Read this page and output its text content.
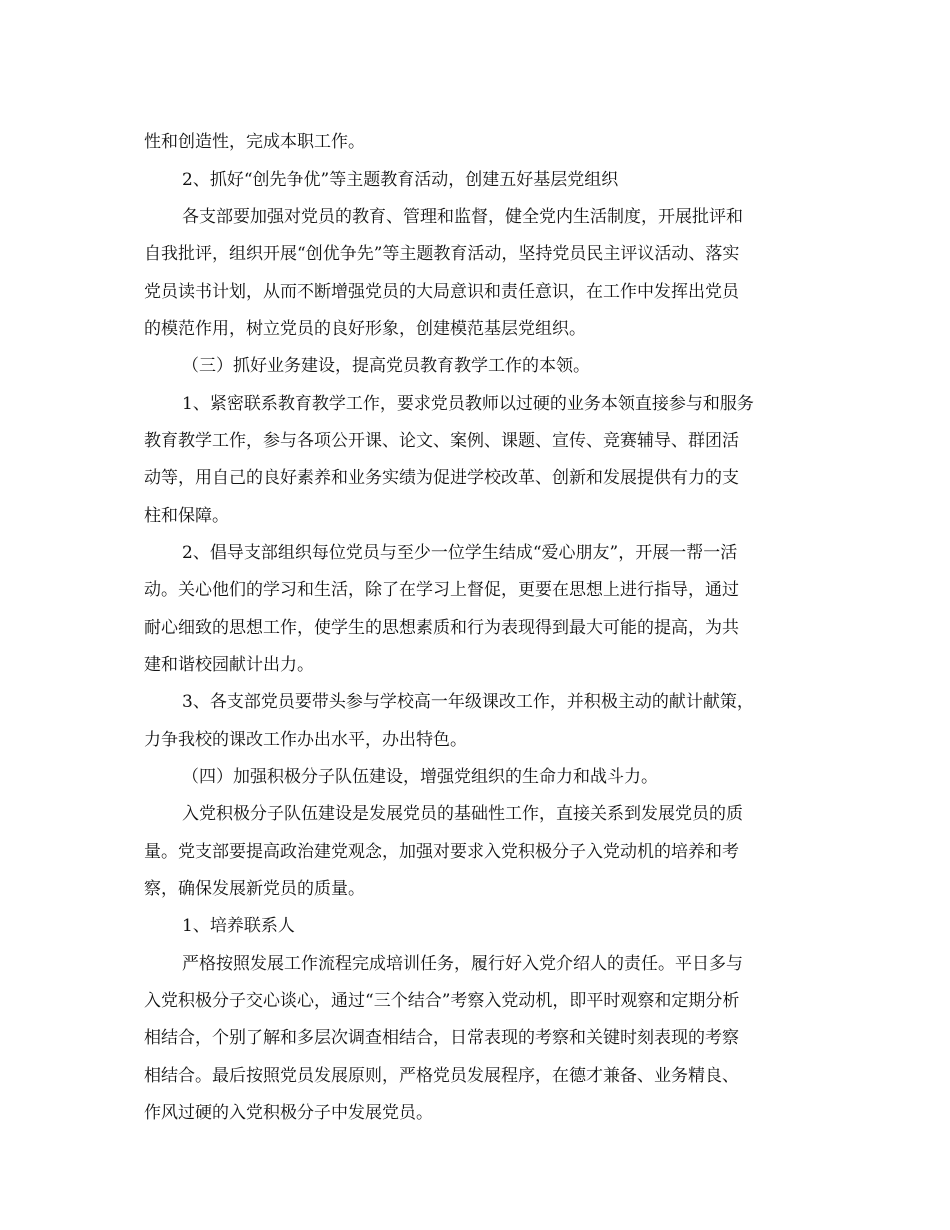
性和创造性，完成本职工作。
2、抓好“创先争优”等主题教育活动，创建五好基层党组织
各支部要加强对党员的教育、管理和监督，健全党内生活制度，开展批评和
自我批评，组织开展“创优争先”等主题教育活动，坚持党员民主评议活动、落实
党员读书计划，从而不断增强党员的大局意识和责任意识，在工作中发挥出党员
的模范作用，树立党员的良好形象，创建模范基层党组织。
（三）抓好业务建设，提高党员教育教学工作的本领。
1、紧密联系教育教学工作，要求党员教师以过硬的业务本领直接参与和服务
教育教学工作，参与各项公开课、论文、案例、课题、宣传、竞赛辅导、群团活
动等，用自己的良好素养和业务实绩为促进学校改革、创新和发展提供有力的支
柱和保障。
2、倡导支部组织每位党员与至少一位学生结成“爱心朋友”，开展一帮一活
动。关心他们的学习和生活，除了在学习上督促，更要在思想上进行指导，通过
耐心细致的思想工作，使学生的思想素质和行为表现得到最大可能的提高，为共
建和谐校园献计出力。
3、各支部党员要带头参与学校高一年级课改工作，并积极主动的献计献策，
力争我校的课改工作办出水平，办出特色。
（四）加强积极分子队伍建设，增强党组织的生命力和战斗力。
入党积极分子队伍建设是发展党员的基础性工作，直接关系到发展党员的质
量。党支部要提高政治建党观念，加强对要求入党积极分子入党动机的培养和考
察，确保发展新党员的质量。
1、培养联系人
严格按照发展工作流程完成培训任务，履行好入党介绍人的责任。平日多与
入党积极分子交心谈心，通过“三个结合”考察入党动机，即平时观察和定期分析
相结合，个别了解和多层次调查相结合，日常表现的考察和关键时刻表现的考察
相结合。最后按照党员发展原则，严格党员发展程序，在德才兼备、业务精良、
作风过硬的入党积极分子中发展党员。
